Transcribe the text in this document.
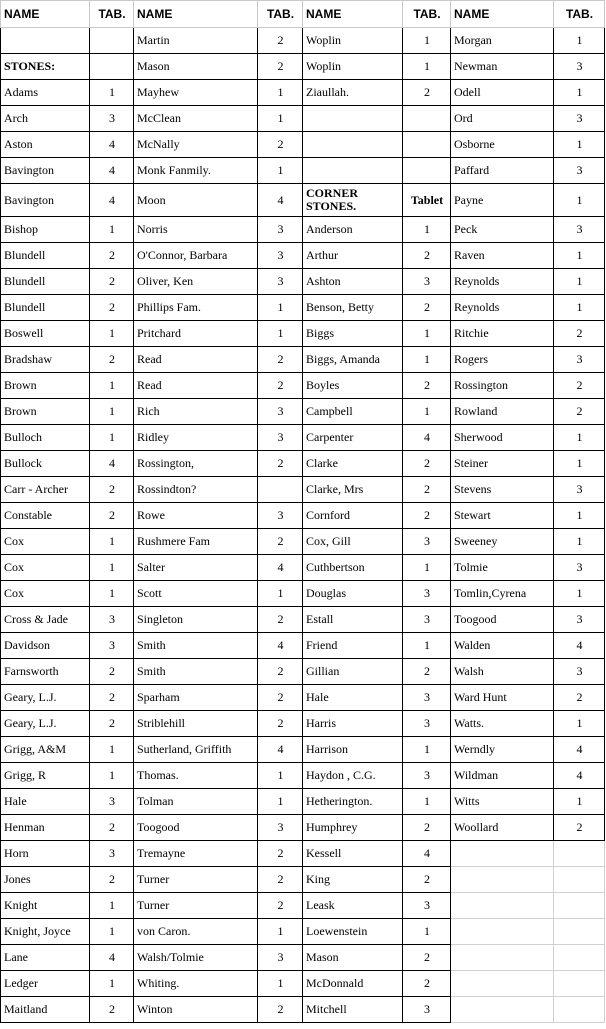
NAME	TAB.	NAME	TAB.	NAME	TAB.	NAME	TAB.
		Martin	2	Woplin	1	Morgan	1
STONES:		Mason	2	Woplin	1	Newman	3
Adams	1	Mayhew	1	Ziaullah.	2	Odell	1
Arch	3	McClean	1			Ord	3
Aston	4	McNally	2			Osborne	1
Bavington	4	Monk Fanmily.	1			Paffard	3
Bavington	4	Moon	4	CORNER STONES.	Tablet	Payne	1
Bishop	1	Norris	3	Anderson	1	Peck	3
Blundell	2	O'Connor, Barbara	3	Arthur	2	Raven	1
Blundell	2	Oliver, Ken	3	Ashton	3	Reynolds	1
Blundell	2	Phillips Fam.	1	Benson, Betty	2	Reynolds	1
Boswell	1	Pritchard	1	Biggs	1	Ritchie	2
Bradshaw	2	Read	2	Biggs, Amanda	1	Rogers	3
Brown	1	Read	2	Boyles	2	Rossington	2
Brown	1	Rich	3	Campbell	1	Rowland	2
Bulloch	1	Ridley	3	Carpenter	4	Sherwood	1
Bullock	4	Rossington,	2	Clarke	2	Steiner	1
Carr - Archer	2	Rossindton?		Clarke, Mrs	2	Stevens	3
Constable	2	Rowe	3	Cornford	2	Stewart	1
Cox	1	Rushmere Fam	2	Cox, Gill	3	Sweeney	1
Cox	1	Salter	4	Cuthbertson	1	Tolmie	3
Cox	1	Scott	1	Douglas	3	Tomlin,Cyrena	1
Cross & Jade	3	Singleton	2	Estall	3	Toogood	3
Davidson	3	Smith	4	Friend	1	Walden	4
Farnsworth	2	Smith	2	Gillian	2	Walsh	3
Geary, L.J.	2	Sparham	2	Hale	3	Ward Hunt	2
Geary, L.J.	2	Striblehill	2	Harris	3	Watts.	1
Grigg, A&M	1	Sutherland, Griffith	4	Harrison	1	Werndly	4
Grigg, R	1	Thomas.	1	Haydon , C.G.	3	Wildman	4
Hale	3	Tolman	1	Hetherington.	1	Witts	1
Henman	2	Toogood	3	Humphrey	2	Woollard	2
Horn	3	Tremayne	2	Kessell	4		
Jones	2	Turner	2	King	2		
Knight	1	Turner	2	Leask	3		
Knight, Joyce	1	von Caron.	1	Loewenstein	1		
Lane	4	Walsh/Tolmie	3	Mason	2		
Ledger	1	Whiting.	1	McDonnald	2		
Maitland	2	Winton	2	Mitchell	3		
